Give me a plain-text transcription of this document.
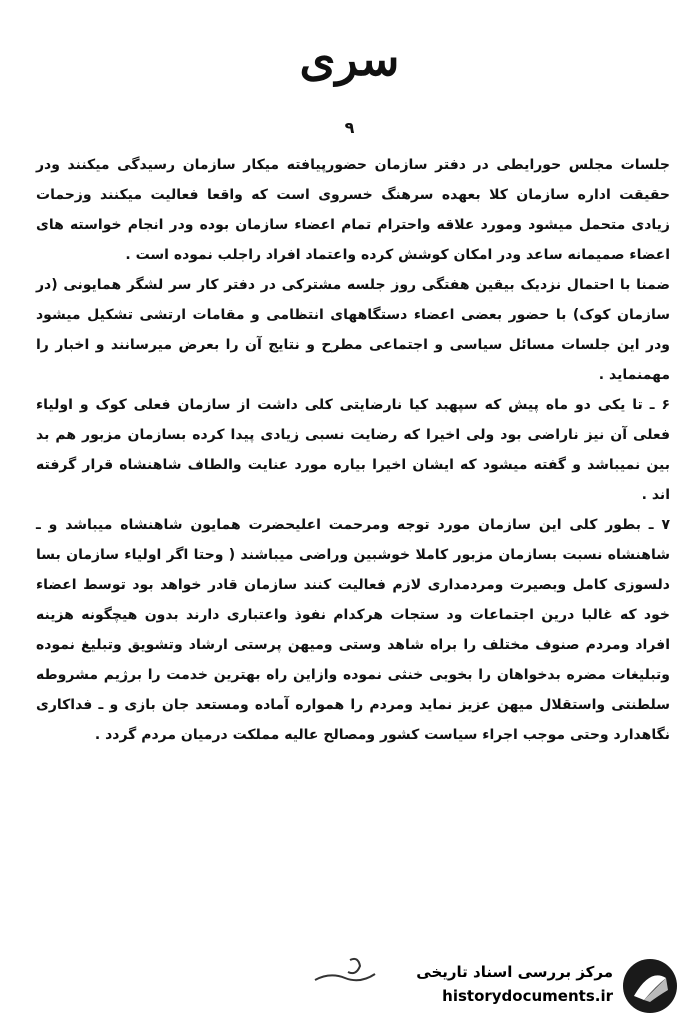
سری
۹

جلسات مجلس حورایطی در دفتر سازمان حضورپیافته میکار سازمان رسیدگی میکنند ودر حقیقت اداره سازمان کلا بعهده سرهنگ خسروی است که واقعا فعالیت میکنند وزحمات زیادی متحمل میشود ومورد علاقه واحترام تمام اعضاء سازمان بوده ودر انجام خواسته های اعضاء صمیمانه ساعد ودر امکان کوشش کرده واعتماد افراد راجلب نموده است .

ضمنا با احتمال نزدیک بیقین هفتگی روز جلسه مشترکی در دفتر کار سر لشگر همایونی (در سازمان کوک) با حضور بعضی اعضاء دستگاههای انتظامی و مقامات ارتشی تشکیل میشود ودر این جلسات مسائل سیاسی و اجتماعی مطرح و نتایج آن را بعرض میرسانند و اخبار را مهمنماید .

۶ ـ تا یکی دو ماه پیش که سپهبد کیا نارضایتی کلی داشت از سازمان فعلی کوک و اولیاء فعلی آن نیز ناراضی بود ولی اخیرا که رضایت نسبی زیادی پیدا کرده بسازمان مزبور هم بد بین نمیباشد و گفته میشود که ایشان اخیرا بیاره مورد عنایت والطاف شاهنشاه قرار گرفته اند .

۷ ـ بطور کلی این سازمان مورد توجه ومرحمت اعلیحضرت همایون شاهنشاه میباشد و ـ شاهنشاه نسبت بسازمان مزبور کاملا خوشبین وراضی میباشند ( وحتا اگر اولیاء سازمان بسا دلسوزی کامل وبصیرت ومردمداری لازم فعالیت کنند سازمان قادر خواهد بود توسط اعضاء خود که غالبا درین اجتماعات ود ستجات هرکدام نفوذ واعتباری دارند بدون هیچگونه هزینه افراد ومردم صنوف مختلف را براه شاهد وستی ومیهن پرستی ارشاد وتشویق وتبلیغ نموده وتبلیغات مضره بدخواهان را بخوبی خنثی نموده وازاین راه بهترین خدمت را برژیم مشروطه سلطنتی واستقلال میهن عزیز نماید ومردم را همواره آماده ومستعد جان بازی و ـ فداکاری نگاهدارد وحتی موجب اجراء سیاست کشور ومصالح عالیه مملکت درمیان مردم گردد .

مرکز بررسی اسناد تاریخی
historydocuments.ir
